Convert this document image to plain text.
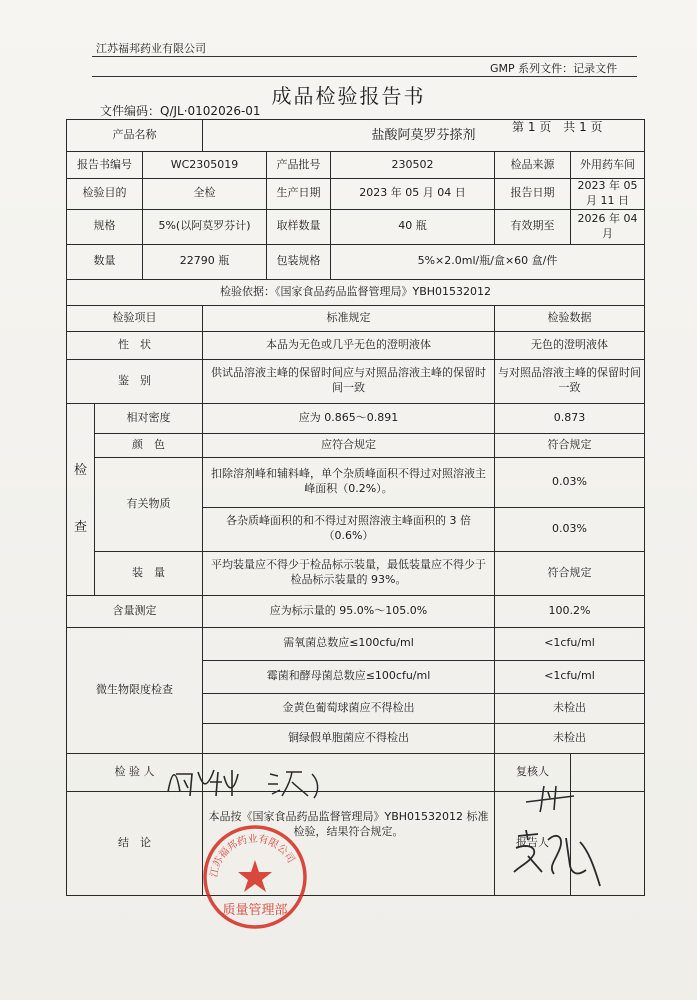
江苏福邦药业有限公司
GMP 系列文件：记录文件
成品检验报告书
文件编码：Q/JL·0102026-01
第 1 页　共 1 页
产品名称			盐酸阿莫罗芬搽剂				
报告书编号		WC2305019		产品批号	230502	检品来源	外用药车间
检验目的		全检		生产日期	2023 年 05 月 04 日	报告日期	2023 年 05 月 11 日
规格		5%(以阿莫罗芬计)		取样数量	40 瓶	有效期至	2026 年 04 月
数量		22790 瓶		包装规格	5%×2.0ml/瓶/盒×60 盒/件		
检验依据：《国家食品药品监督管理局》YBH01532012							
检验项目			标准规定			检验数据	
性　状			本品为无色或几乎无色的澄明液体			无色的澄明液体	
鉴　别			供试品溶液主峰的保留时间应与对照品溶液主峰的保留时间一致			与对照品溶液主峰的保留时间一致	

检
查	相对密度		应为 0.865～0.891			0.873	
	颜　色		应符合规定			符合规定	
	有关物质		扣除溶剂峰和辅料峰，单个杂质峰面积不得过对照溶液主峰面积（0.2%）。			0.03%	
			各杂质峰面积的和不得过对照溶液主峰面积的 3 倍（0.6%）			0.03%	
	装　量		平均装量应不得少于检品标示装量，最低装量应不得少于检品标示装量的 93%。			符合规定	

含量测定			应为标示量的 95.0%～105.0%			100.2%	
微生物限度检查			需氧菌总数应≤100cfu/ml			<1cfu/ml	
			霉菌和酵母菌总数应≤100cfu/ml			<1cfu/ml	
			金黄色葡萄球菌应不得检出			未检出	
			铜绿假单胞菌应不得检出			未检出	
检 验 人						复核人	
结　论			本品按《国家食品药品监督管理局》YBH01532012 标准检验，结果符合规定。			报告人	
江苏福邦药业有限公司
质量管理部
